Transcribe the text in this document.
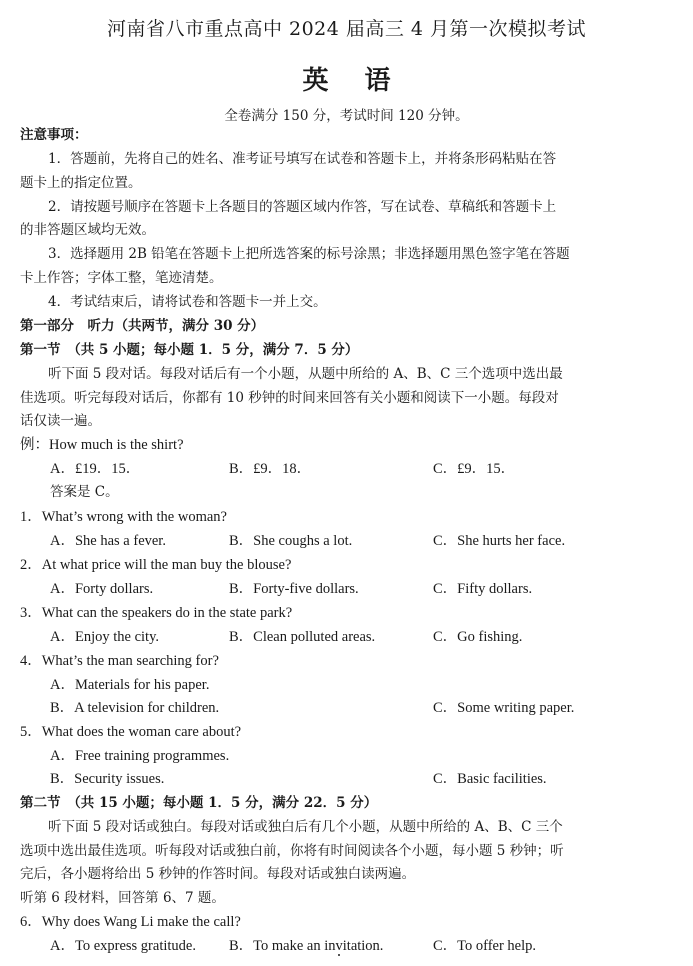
河南省八市重点高中 2024 届高三 4 月第一次模拟考试
英语
全卷满分 150 分，考试时间 120 分钟。
注意事项：
1．答题前，先将自己的姓名、准考证号填写在试卷和答题卡上，并将条形码粘贴在答
题卡上的指定位置。
2．请按题号顺序在答题卡上各题目的答题区域内作答，写在试卷、草稿纸和答题卡上
的非答题区域均无效。
3．选择题用 2B 铅笔在答题卡上把所选答案的标号涂黑；非选择题用黑色签字笔在答题
卡上作答；字体工整，笔迹清楚。
4．考试结束后，请将试卷和答题卡一并上交。
第一部分　听力（共两节，满分 30 分）
第一节　（共 5 小题；每小题 1．5 分，满分 7．5 分）
听下面 5 段对话。每段对话后有一个小题，从题中所给的 A、B、C 三个选项中选出最
佳选项。听完每段对话后，你都有 10 秒钟的时间来回答有关小题和阅读下一小题。每段对
话仅读一遍。
例：How much is the shirt?
A．£19．15．	B．£9．18．	C．£9．15．
答案是 C。
1．What’s wrong with the woman?
A．She has a fever.	B．She coughs a lot.	C．She hurts her face.
2．At what price will the man buy the blouse?
A．Forty dollars.	B．Forty-five dollars.	C．Fifty dollars.
3．What can the speakers do in the state park?
A．Enjoy the city.	B．Clean polluted areas.	C．Go fishing.
4．What’s the man searching for?
A．Materials for his paper.
B．A television for children.	C．Some writing paper.
5．What does the woman care about?
A．Free training programmes.
B．Security issues.	C．Basic facilities.
第二节　（共 15 小题；每小题 1．5 分，满分 22．5 分）
听下面 5 段对话或独白。每段对话或独白后有几个小题，从题中所给的 A、B、C 三个
选项中选出最佳选项。听每段对话或独白前，你将有时间阅读各个小题，每小题 5 秒钟；听
完后，各小题将给出 5 秒钟的作答时间。每段对话或独白读两遍。
听第 6 段材料，回答第 6、7 题。
6．Why does Wang Li make the call?
A．To express gratitude. B．To make an invitation.	C．To offer help.
